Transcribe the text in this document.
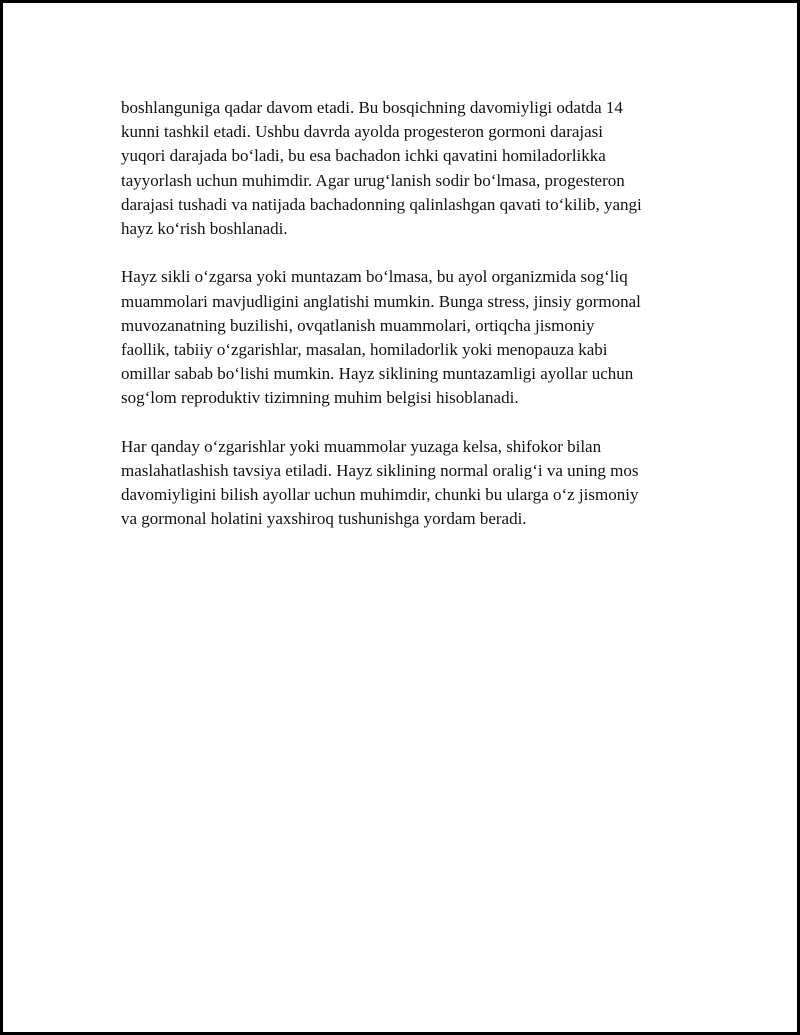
boshlanguniga qadar davom etadi. Bu bosqichning davomiyligi odatda 14
kunni tashkil etadi. Ushbu davrda ayolda progesteron gormoni darajasi
yuqori darajada bo‘ladi, bu esa bachadon ichki qavatini homiladorlikka
tayyorlash uchun muhimdir. Agar urug‘lanish sodir bo‘lmasa, progesteron
darajasi tushadi va natijada bachadonning qalinlashgan qavati to‘kilib, yangi
hayz ko‘rish boshlanadi.

Hayz sikli o‘zgarsa yoki muntazam bo‘lmasa, bu ayol organizmida sog‘liq
muammolari mavjudligini anglatishi mumkin. Bunga stress, jinsiy gormonal
muvozanatning buzilishi, ovqatlanish muammolari, ortiqcha jismoniy
faollik, tabiiy o‘zgarishlar, masalan, homiladorlik yoki menopauza kabi
omillar sabab bo‘lishi mumkin. Hayz siklining muntazamligi ayollar uchun
sog‘lom reproduktiv tizimning muhim belgisi hisoblanadi.

Har qanday o‘zgarishlar yoki muammolar yuzaga kelsa, shifokor bilan
maslahatlashish tavsiya etiladi. Hayz siklining normal oralig‘i va uning mos
davomiyligini bilish ayollar uchun muhimdir, chunki bu ularga o‘z jismoniy
va gormonal holatini yaxshiroq tushunishga yordam beradi.
